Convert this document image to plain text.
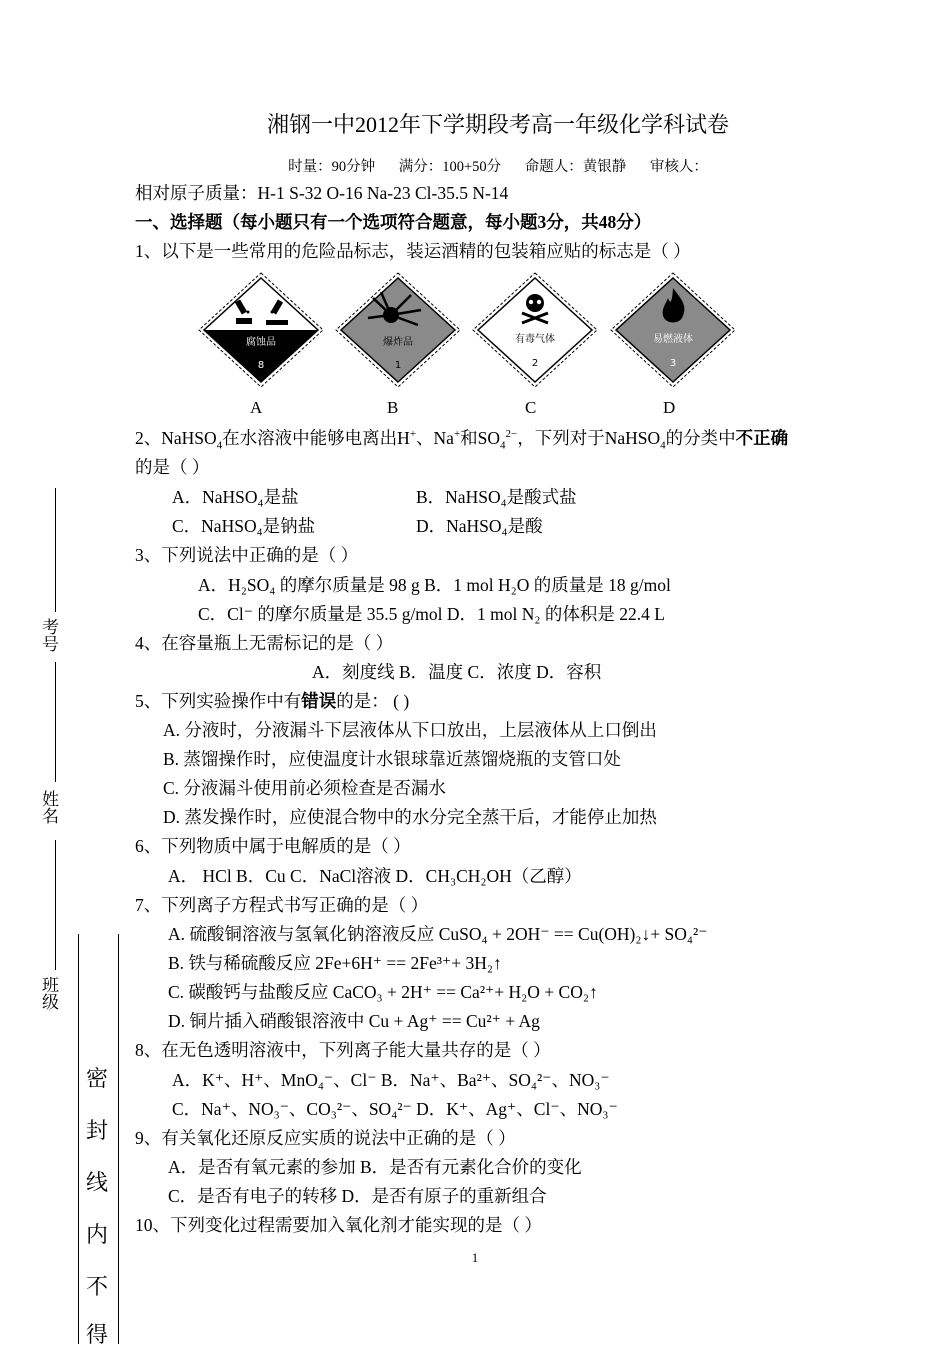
湘钢一中2012年下学期段考高一年级化学科试卷
时量：90分钟 满分：100+50分 命题人：黄银静 审核人：
相对原子质量：H-1 S-32 O-16 Na-23 Cl-35.5 N-14
一、选择题（每小题只有一个选项符合题意，每小题3分，共48分）
1、以下是一些常用的危险品标志，装运酒精的包装箱应贴的标志是（ ）
腐蚀品
8
爆炸品
1
有毒气体
2
易燃液体
3
A	B	C	D
2、NaHSO$_4$在水溶液中能够电离出H+、Na+和$SO_4^{2-}$，下列对于NaHSO$_4$的分类中不正确
的是（ ）
A．NaHSO₄是盐	B．NaHSO₄是酸式盐
C．NaHSO₄是钠盐	D．NaHSO₄是酸
3、下列说法中正确的是（ ）
A．H₂SO₄ 的摩尔质量是 98 g B．1 mol H₂O 的质量是 18 g/mol
C．Cl⁻ 的摩尔质量是 35.5 g/mol D．1 mol N₂ 的体积是 22.4 L
4、在容量瓶上无需标记的是（ ）
A．刻度线 B．温度 C．浓度 D．容积
5、下列实验操作中有错误的是： ( )
A. 分液时，分液漏斗下层液体从下口放出，上层液体从上口倒出
B. 蒸馏操作时，应使温度计水银球靠近蒸馏烧瓶的支管口处
C. 分液漏斗使用前必须检查是否漏水
D. 蒸发操作时，应使混合物中的水分完全蒸干后，才能停止加热
6、下列物质中属于电解质的是（ ）
A． HCl B．Cu C．NaCl溶液 D．CH₃CH₂OH（乙醇）
7、下列离子方程式书写正确的是（ ）
A. 硫酸铜溶液与氢氧化钠溶液反应 CuSO₄ + 2OH⁻ == Cu(OH)₂↓+ SO₄²⁻
B. 铁与稀硫酸反应 2Fe+6H⁺ == 2Fe³⁺+ 3H₂↑
C. 碳酸钙与盐酸反应 CaCO₃ + 2H⁺ == Ca²⁺+ H₂O + CO₂↑
D. 铜片插入硝酸银溶液中 Cu + Ag⁺ == Cu²⁺ + Ag
8、在无色透明溶液中，下列离子能大量共存的是（ ）
A．K⁺、H⁺、MnO₄⁻、Cl⁻ B．Na⁺、Ba²⁺、SO₄²⁻、NO₃⁻
C．Na⁺、NO₃⁻、CO₃²⁻、SO₄²⁻ D．K⁺、Ag⁺、Cl⁻、NO₃⁻
9、有关氧化还原反应实质的说法中正确的是（ ）
A．是否有氧元素的参加 B．是否有元素化合价的变化
C．是否有电子的转移 D．是否有原子的重新组合
10、下列变化过程需要加入氧化剂才能实现的是（ ）
考号
姓名
班级
密
封
线
内
不
得
1
